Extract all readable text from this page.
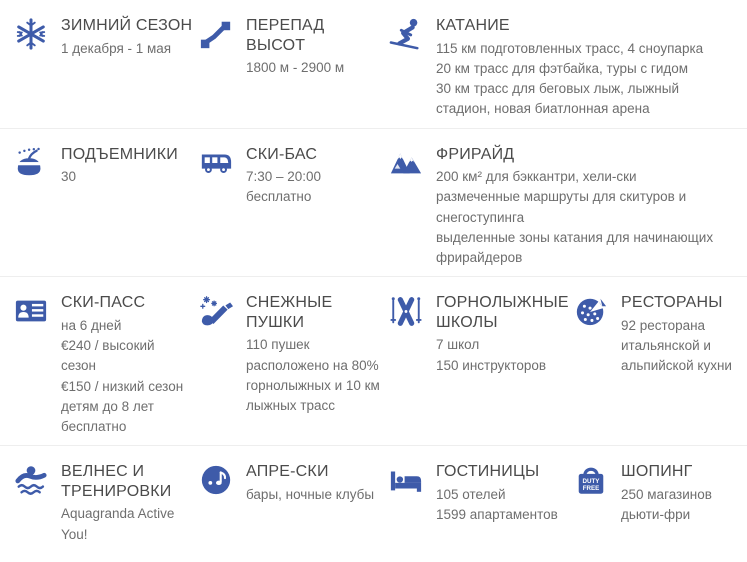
ЗИМНИЙ СЕЗОН
1 декабря - 1 мая
ПЕРЕПАД ВЫСОТ
1800 м - 2900 м
КАТАНИЕ
115 км подготовленных трасс, 4 сноупарка
20 км трасс для фэтбайка, туры с гидом
30 км трасс для беговых лыж, лыжный стадион, новая биатлонная арена
ПОДЪЕМНИКИ
30
СКИ-БАС
7:30 – 20:00
бесплатно
ФРИРАЙД
200 км² для бэккантри, хели-ски
размеченные маршруты для скитуров и снегоступинга
выделенные зоны катания для начинающих фрирайдеров
СКИ-ПАСС
на 6 дней
€240 / высокий сезон
€150 / низкий сезон
детям до 8 лет бесплатно
СНЕЖНЫЕ ПУШКИ
110 пушек
расположено на 80% горнолыжных и 10 км лыжных трасс
ГОРНОЛЫЖНЫЕ ШКОЛЫ
7 школ
150 инструкторов
РЕСТОРАНЫ
92 ресторана итальянской и альпийской кухни
ВЕЛНЕС И ТРЕНИРОВКИ
Aquagranda Active You!
АПРЕ-СКИ
бары, ночные клубы
ГОСТИНИЦЫ
105 отелей
1599 апартаментов
DUTY
FREE
ШОПИНГ
250 магазинов дьюти-фри
